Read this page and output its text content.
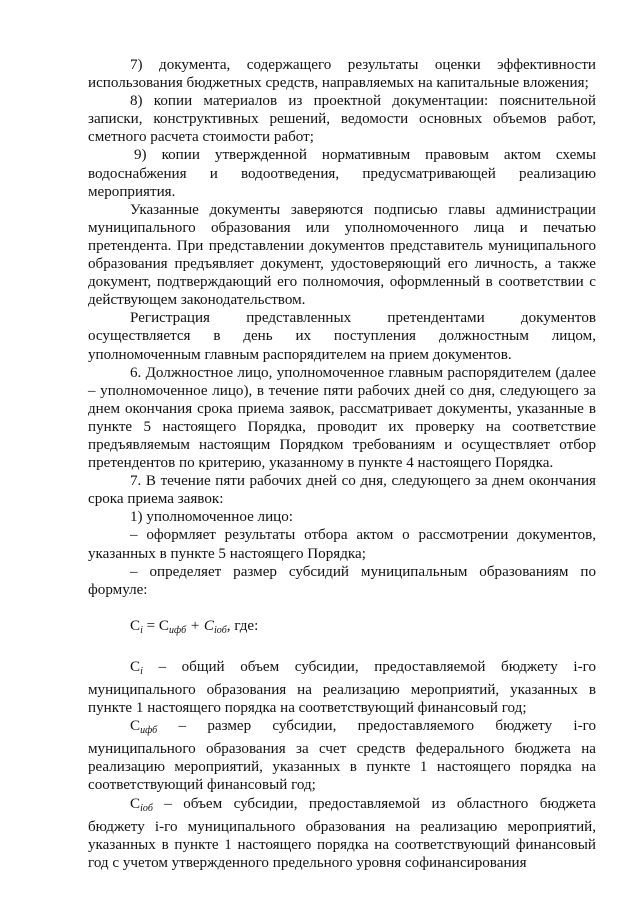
7) документа, содержащего результаты оценки эффективности использования бюджетных средств, направляемых на капитальные вложения;

8) копии материалов из проектной документации: пояснительной записки, конструктивных решений, ведомости основных объемов работ, сметного расчета стоимости работ;

9) копии утвержденной нормативным правовым актом схемы водоснабжения и водоотведения, предусматривающей реализацию мероприятия.

Указанные документы заверяются подписью главы администрации муниципального образования или уполномоченного лица и печатью претендента. При представлении документов представитель муниципального образования предъявляет документ, удостоверяющий его личность, а также документ, подтверждающий его полномочия, оформленный в соответствии с действующем законодательством.

Регистрация представленных претендентами документов осуществляется в день их поступления должностным лицом, уполномоченным главным распорядителем на прием документов.

6. Должностное лицо, уполномоченное главным распорядителем (далее – уполномоченное лицо), в течение пяти рабочих дней со дня, следующего за днем окончания срока приема заявок, рассматривает документы, указанные в пункте 5 настоящего Порядка, проводит их проверку на соответствие предъявляемым настоящим Порядком требованиям и осуществляет отбор претендентов по критерию, указанному в пункте 4 настоящего Порядка.

7. В течение пяти рабочих дней со дня, следующего за днем окончания срока приема заявок:

1) уполномоченное лицо:

– оформляет результаты отбора актом о рассмотрении документов, указанных в пункте 5 настоящего Порядка;

– определяет размер субсидий муниципальным образованиям по формуле:

$С_i = С_{ифб} + С_{ioб}$, где:

$С_i$ – общий объем субсидии, предоставляемой бюджету i-го муниципального образования на реализацию мероприятий, указанных в пункте 1 настоящего порядка на соответствующий финансовый год;

$С_{ифб}$ – размер субсидии, предоставляемого бюджету i-го муниципального образования за счет средств федерального бюджета на реализацию мероприятий, указанных в пункте 1 настоящего порядка на соответствующий финансовый год;

$С_{ioб}$ – объем субсидии, предоставляемой из областного бюджета бюджету i-го муниципального образования на реализацию мероприятий, указанных в пункте 1 настоящего порядка на соответствующий финансовый год с учетом утвержденного предельного уровня софинансирования
